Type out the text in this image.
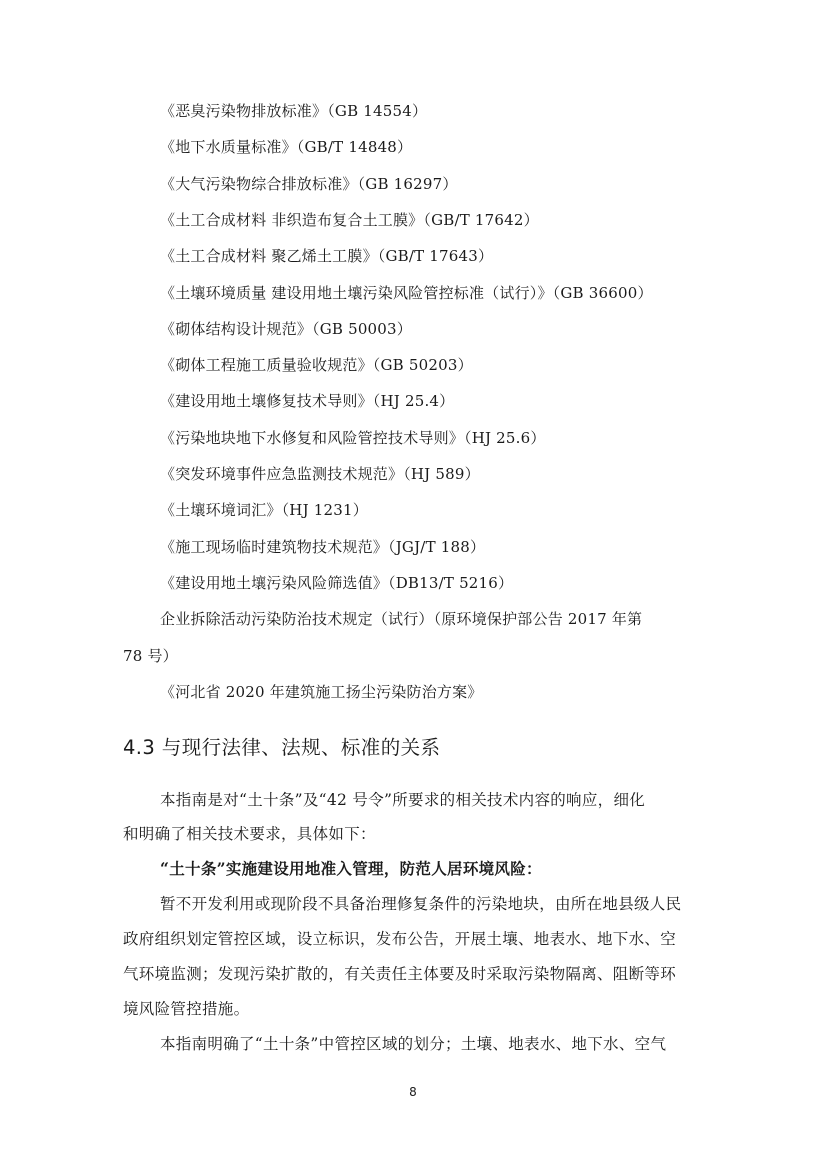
《恶臭污染物排放标准》（GB 14554）
《地下水质量标准》（GB/T 14848）
《大气污染物综合排放标准》（GB 16297）
《土工合成材料 非织造布复合土工膜》（GB/T 17642）
《土工合成材料 聚乙烯土工膜》（GB/T 17643）
《土壤环境质量 建设用地土壤污染风险管控标准（试行）》（GB 36600）
《砌体结构设计规范》（GB 50003）
《砌体工程施工质量验收规范》（GB 50203）
《建设用地土壤修复技术导则》（HJ 25.4）
《污染地块地下水修复和风险管控技术导则》（HJ 25.6）
《突发环境事件应急监测技术规范》（HJ 589）
《土壤环境词汇》（HJ 1231）
《施工现场临时建筑物技术规范》（JGJ/T 188）
《建设用地土壤污染风险筛选值》（DB13/T 5216）
企业拆除活动污染防治技术规定（试行）（原环境保护部公告 2017 年第
78 号）
《河北省 2020 年建筑施工扬尘污染防治方案》
4.3 与现行法律、法规、标准的关系
本指南是对“土十条”及“42 号令”所要求的相关技术内容的响应，细化
和明确了相关技术要求，具体如下：
“土十条”实施建设用地准入管理，防范人居环境风险：
暂不开发利用或现阶段不具备治理修复条件的污染地块，由所在地县级人民
政府组织划定管控区域，设立标识，发布公告，开展土壤、地表水、地下水、空
气环境监测；发现污染扩散的，有关责任主体要及时采取污染物隔离、阻断等环
境风险管控措施。
本指南明确了“土十条”中管控区域的划分；土壤、地表水、地下水、空气
8
